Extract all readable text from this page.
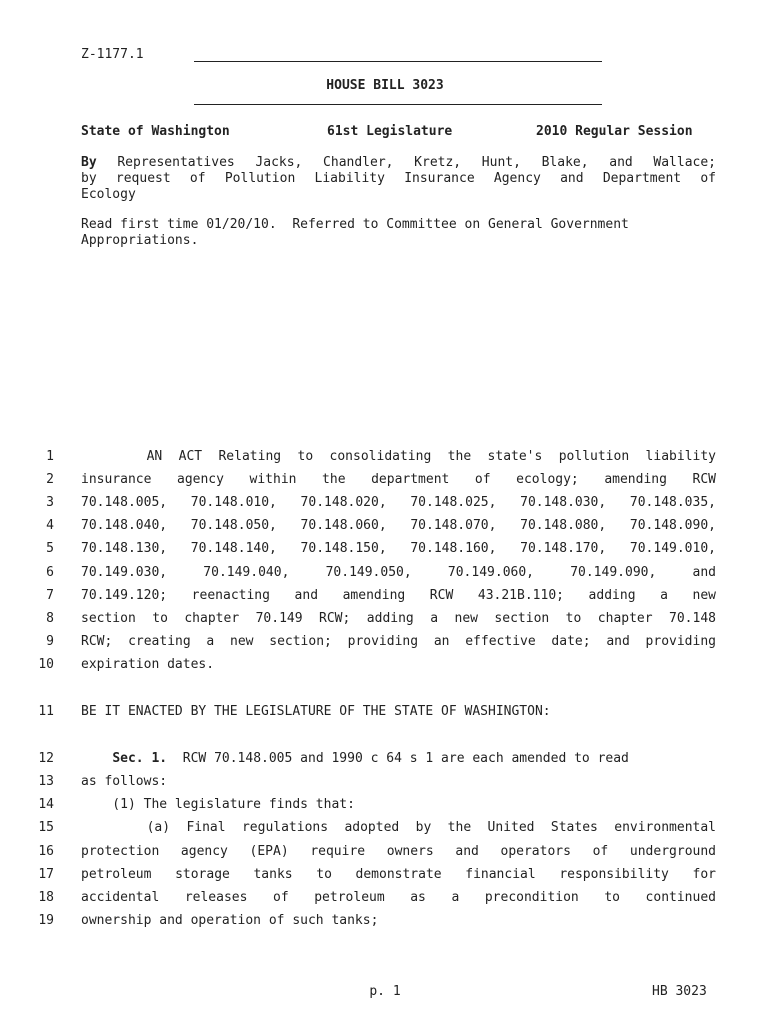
Z-1177.1
HOUSE BILL 3023
State of Washington	61st Legislature	2010 Regular Session
By Representatives Jacks, Chandler, Kretz, Hunt, Blake, and Wallace;
by request of Pollution Liability Insurance Agency and Department of
Ecology
Read first time 01/20/10.  Referred to Committee on General Government
Appropriations.
1 AN ACT Relating to consolidating the state's pollution liability
2 insurance agency within the department of ecology; amending RCW
3 70.148.005, 70.148.010, 70.148.020, 70.148.025, 70.148.030, 70.148.035,
4 70.148.040, 70.148.050, 70.148.060, 70.148.070, 70.148.080, 70.148.090,
5 70.148.130, 70.148.140, 70.148.150, 70.148.160, 70.148.170, 70.149.010,
6 70.149.030, 70.149.040, 70.149.050, 70.149.060, 70.149.090, and
7 70.149.120; reenacting and amending RCW 43.21B.110; adding a new
8 section to chapter 70.149 RCW; adding a new section to chapter 70.148
9 RCW; creating a new section; providing an effective date; and providing
10 expiration dates.
11 BE IT ENACTED BY THE LEGISLATURE OF THE STATE OF WASHINGTON:
12	Sec. 1.  RCW 70.148.005 and 1990 c 64 s 1 are each amended to read
13 as follows:
14 (1) The legislature finds that:
15 (a) Final regulations adopted by the United States environmental
16 protection agency (EPA) require owners and operators of underground
17 petroleum storage tanks to demonstrate financial responsibility for
18 accidental releases of petroleum as a precondition to continued
19 ownership and operation of such tanks;
p. 1	HB 3023
